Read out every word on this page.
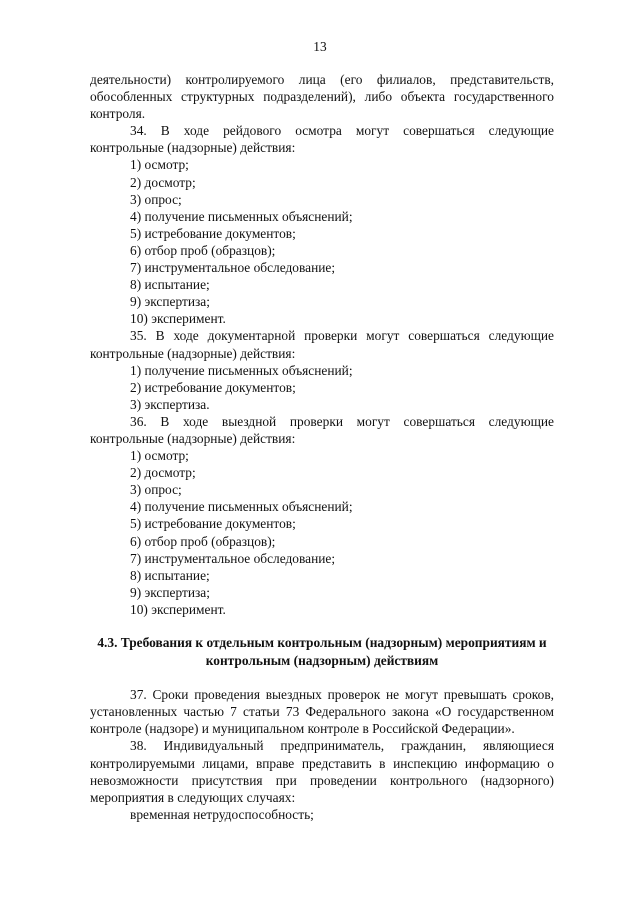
13

деятельности) контролируемого лица (его филиалов, представительств, обособленных структурных подразделений), либо объекта государственного контроля.

34. В ходе рейдового осмотра могут совершаться следующие контрольные (надзорные) действия:

1) осмотр;

2) досмотр;

3) опрос;

4) получение письменных объяснений;

5) истребование документов;

6) отбор проб (образцов);

7) инструментальное обследование;

8) испытание;

9) экспертиза;

10) эксперимент.

35. В ходе документарной проверки могут совершаться следующие контрольные (надзорные) действия:

1) получение письменных объяснений;

2) истребование документов;

3) экспертиза.

36. В ходе выездной проверки могут совершаться следующие контрольные (надзорные) действия:

1) осмотр;

2) досмотр;

3) опрос;

4) получение письменных объяснений;

5) истребование документов;

6) отбор проб (образцов);

7) инструментальное обследование;

8) испытание;

9) экспертиза;

10) эксперимент.

4.3. Требования к отдельным контрольным (надзорным) мероприятиям и контрольным (надзорным) действиям

37. Сроки проведения выездных проверок не могут превышать сроков, установленных частью 7 статьи 73 Федерального закона «О государственном контроле (надзоре) и муниципальном контроле в Российской Федерации».

38. Индивидуальный предприниматель, гражданин, являющиеся контролируемыми лицами, вправе представить в инспекцию информацию о невозможности присутствия при проведении контрольного (надзорного) мероприятия в следующих случаях:

временная нетрудоспособность;
